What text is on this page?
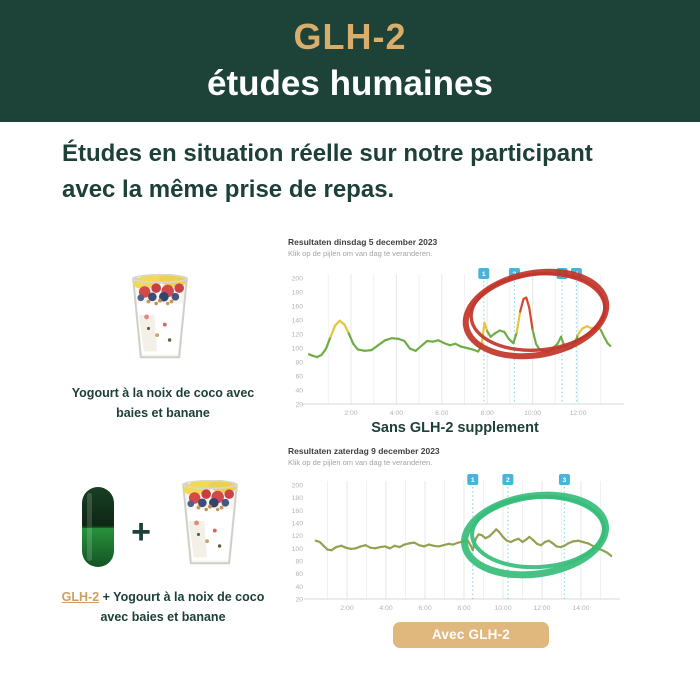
GLH-2
études humaines
Études en situation réelle sur notre participant
avec la même prise de repas.
Yogourt à la noix de coco avec
baies et banane
Resultaten dinsdag 5 december 2023
Klik op de pijlen om van dag te veranderen.
200
180
160
140
120
100
80
60
40
20
2:00	4:00	6:00	8:00	10:00	12:00
1	2	3 4
Sans GLH-2 supplement
+
GLH-2 + Yogourt à la noix de coco
avec baies et banane
Resultaten zaterdag 9 december 2023
Klik op de pijlen om van dag te veranderen.
200
180
160
140
120
100
80
60
40
20
2:00	4:00	6:00	8:00	10:00	12:00	14:00
1	2	3
Avec GLH-2 supplement
